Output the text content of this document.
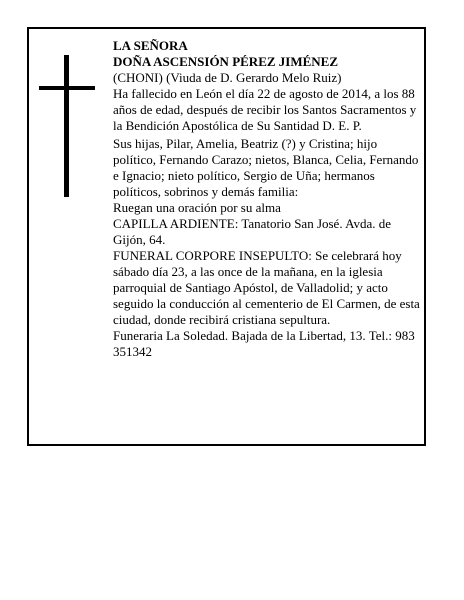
LA SEÑORA

DOÑA ASCENSIÓN PÉREZ JIMÉNEZ

(CHONI) (Viuda de D. Gerardo Melo Ruiz)

Ha fallecido en León el día 22 de agosto de 2014, a los 88 años de edad, después de recibir los Santos Sacramentos y la Bendición Apostólica de Su Santidad D. E. P.

Sus hijas, Pilar, Amelia, Beatriz (?) y Cristina; hijo político, Fernando Carazo; nietos, Blanca, Celia, Fernando e Ignacio; nieto político, Sergio de Uña; hermanos políticos, sobrinos y demás familia:

Ruegan una oración por su alma

CAPILLA ARDIENTE: Tanatorio San José. Avda. de Gijón, 64.

FUNERAL CORPORE INSEPULTO: Se celebrará hoy sábado día 23, a las once de la mañana, en la iglesia parroquial de Santiago Apóstol, de Valladolid; y acto seguido la conducción al cementerio de El Carmen, de esta ciudad, donde recibirá cristiana sepultura.

Funeraria La Soledad. Bajada de la Libertad, 13. Tel.: 983 351342
